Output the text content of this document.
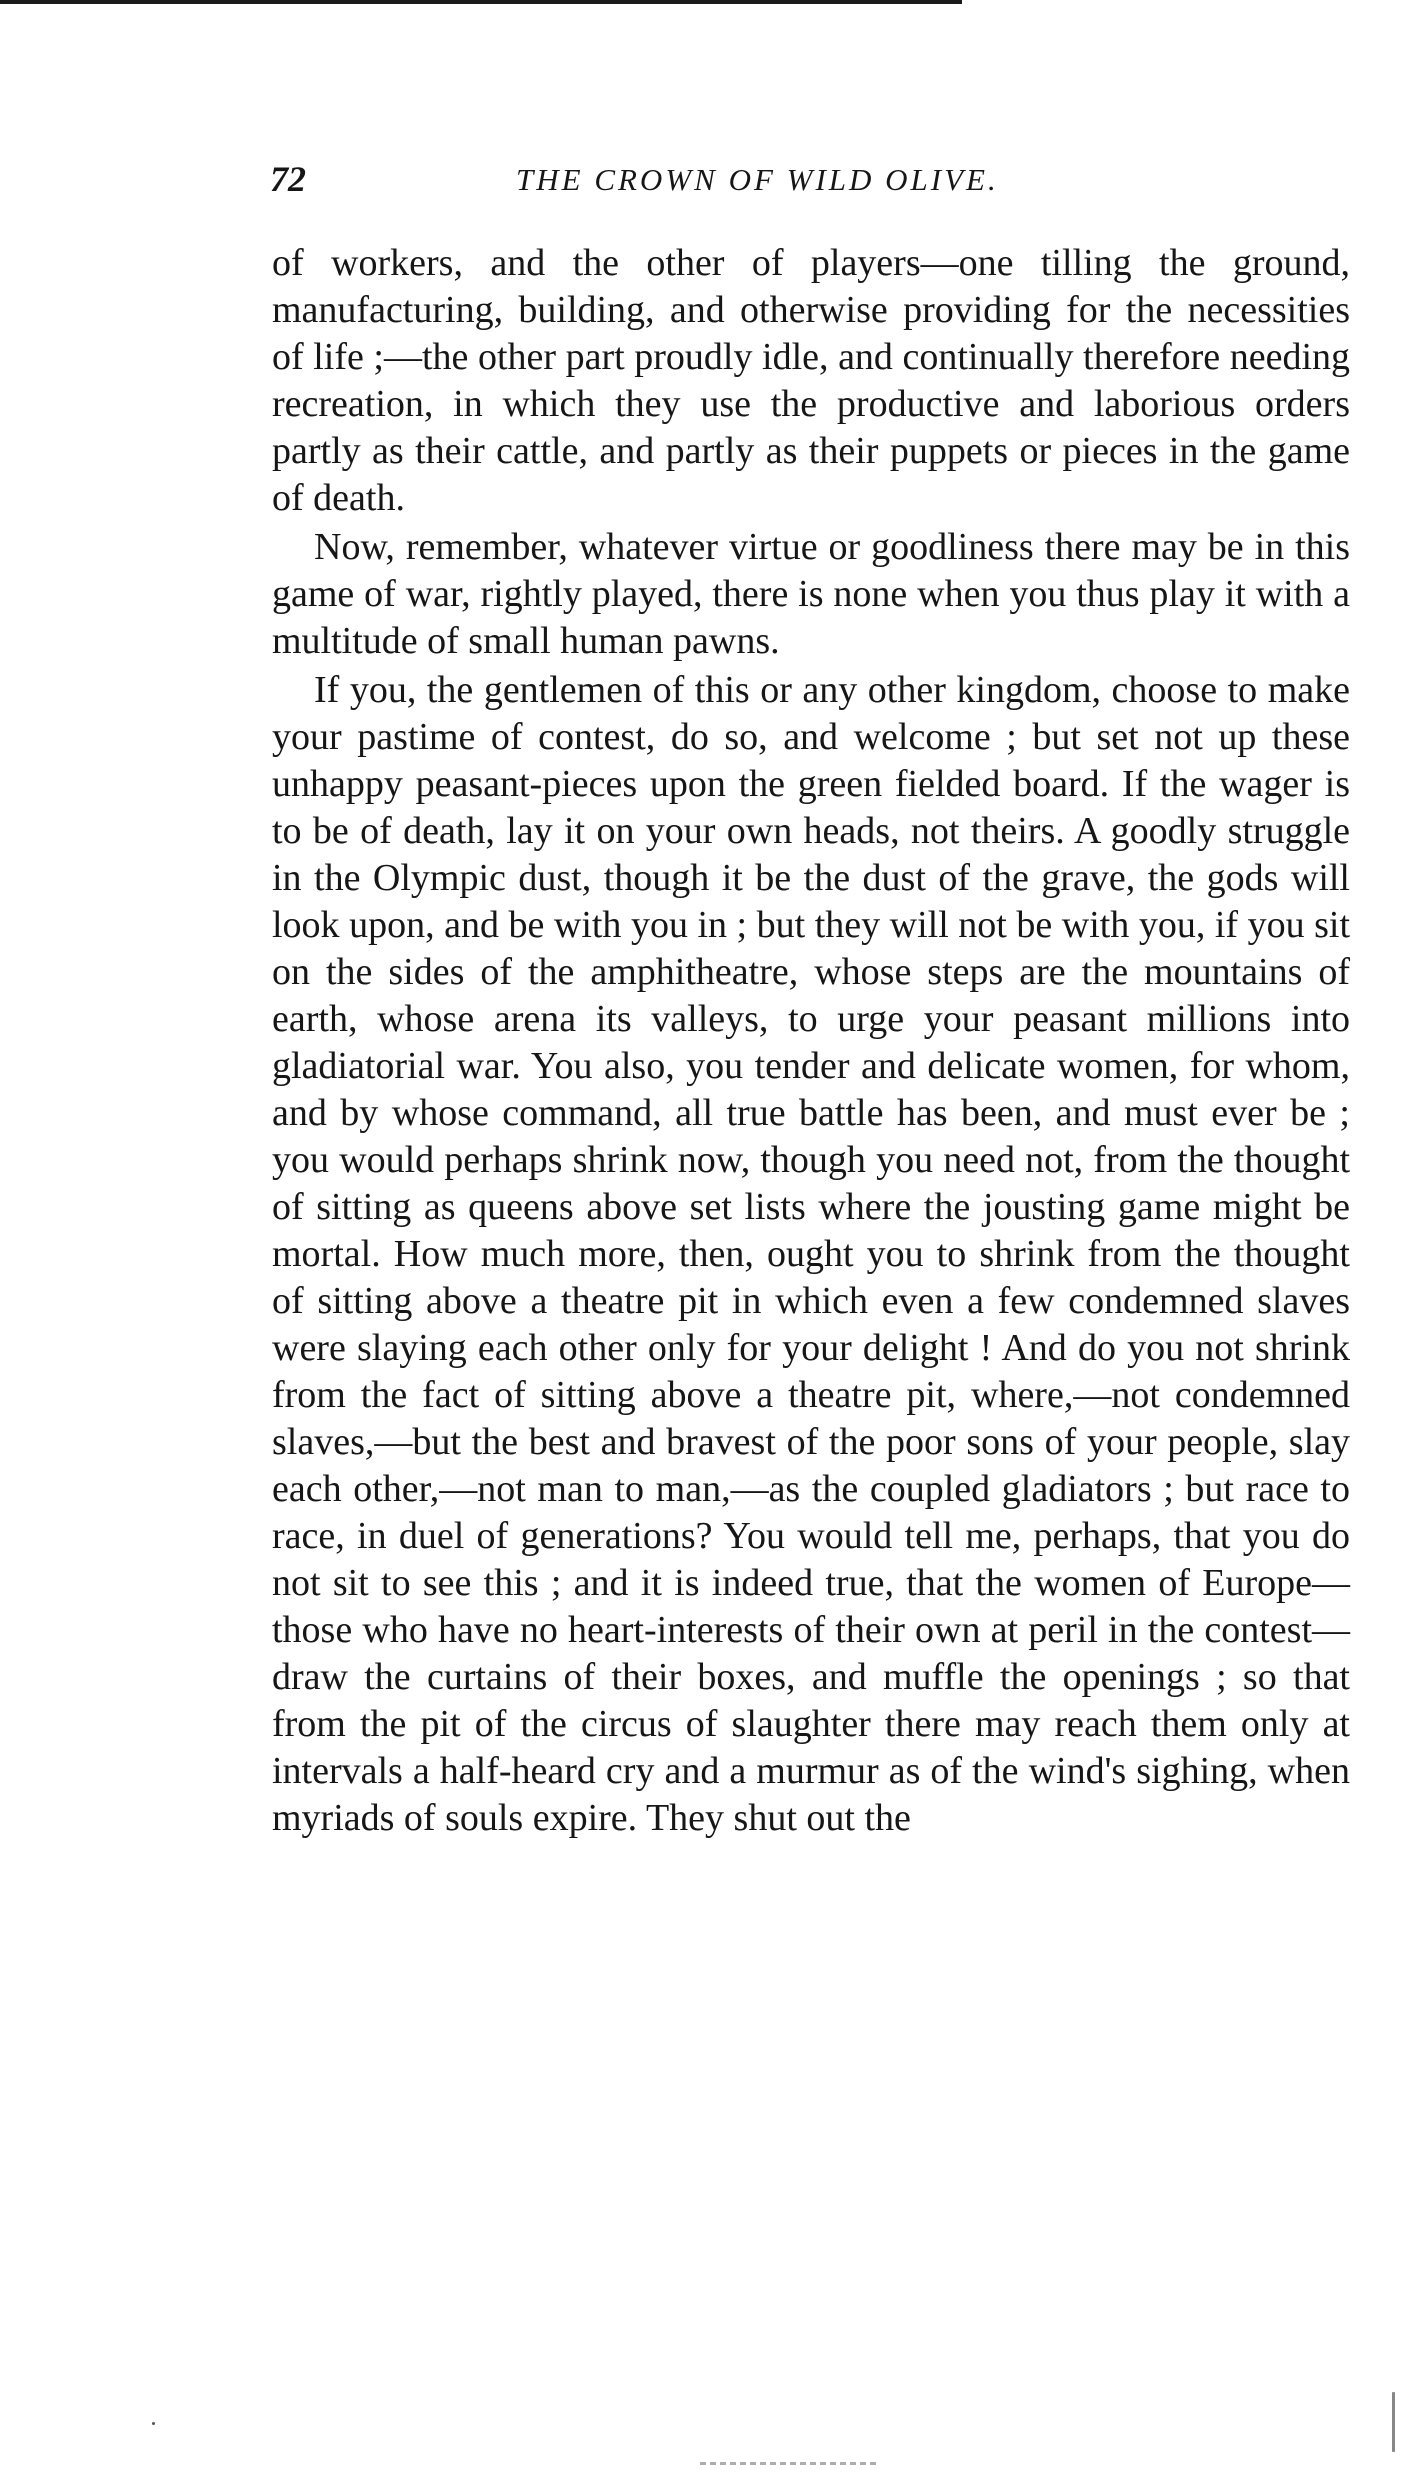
72	THE CROWN OF WILD OLIVE.

of workers, and the other of players—one tilling the ground, manufacturing, building, and otherwise providing for the necessities of life ;—the other part proudly idle, and continually therefore needing recreation, in which they use the productive and laborious orders partly as their cattle, and partly as their puppets or pieces in the game of death.

Now, remember, whatever virtue or goodliness there may be in this game of war, rightly played, there is none when you thus play it with a multitude of small human pawns.

If you, the gentlemen of this or any other kingdom, choose to make your pastime of contest, do so, and welcome ; but set not up these unhappy peasant-pieces upon the green fielded board. If the wager is to be of death, lay it on your own heads, not theirs. A goodly struggle in the Olympic dust, though it be the dust of the grave, the gods will look upon, and be with you in ; but they will not be with you, if you sit on the sides of the amphitheatre, whose steps are the mountains of earth, whose arena its valleys, to urge your peasant millions into gladiatorial war. You also, you tender and delicate women, for whom, and by whose command, all true battle has been, and must ever be ; you would perhaps shrink now, though you need not, from the thought of sitting as queens above set lists where the jousting game might be mortal. How much more, then, ought you to shrink from the thought of sitting above a theatre pit in which even a few condemned slaves were slaying each other only for your delight ! And do you not shrink from the fact of sitting above a theatre pit, where,—not condemned slaves,—but the best and bravest of the poor sons of your people, slay each other,—not man to man,—as the coupled gladiators ; but race to race, in duel of generations? You would tell me, perhaps, that you do not sit to see this ; and it is indeed true, that the women of Europe—those who have no heart-interests of their own at peril in the contest—draw the curtains of their boxes, and muffle the openings ; so that from the pit of the circus of slaughter there may reach them only at intervals a half-heard cry and a murmur as of the wind's sighing, when myriads of souls expire. They shut out the
